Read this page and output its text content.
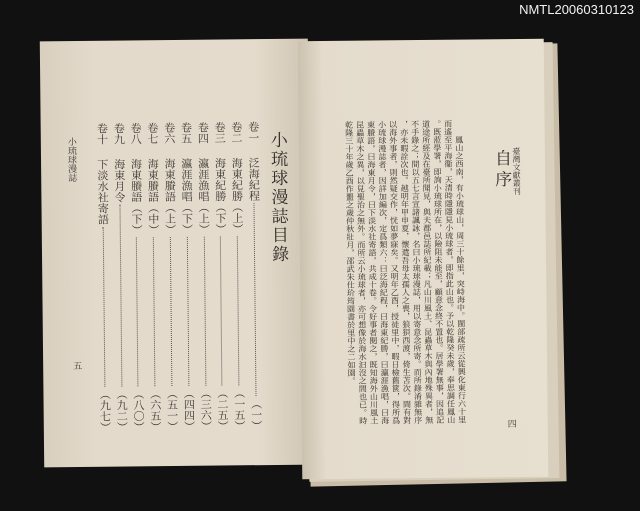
NMTL20060310123
小琉球漫誌
五
小琉球漫誌目錄
卷一
泛海紀程
（一）
卷二
海東紀勝（上）
（一五）
卷三
海東紀勝（下）
（二五）
卷四
瀛涯漁唱（上）
（三六）
卷五
瀛涯漁唱（下）
（四四）
卷六
海東賸語（上）
（五一）
卷七
海東賸語（中）
（六五）
卷八
海東賸語（下）
（八〇）
卷九
海東月令
（九二）
卷十
下淡水社寄語
（九七）
臺灣文獻叢刊
自序
鳳山之西南，有小琉球山，周三十餘里，突峙海中。閩部疏所云從興化東行六十里
而遙至平海衞，天清時隱隱見小琉球者，即指此山也。予以乾隆癸未歲，奉思調任鳳山
。既蒞學署，即詢小琉球所在，以險阻未能至，顧意念終不置也。居學署無事，因追記
道途所經及在臺所聞見，與夫郡邑誌所紀載；凡山川風土、昆蟲草木與內地殊異者，無
不手錄之；間以五七言宣諸諷詠，名曰小琉球漫誌，用以寄意念所寄。而所錄淆雜無序
，亦未暇詮次也。越明年甲申夏，懷遣吾母太孺人之喪，狼狽西渡，倚生苫次。間有對
以海外事者，則然疑交作，恍如夢寐矣。又明年乙酉，授徒里中，暇日檢舊篋，得所爲
小琉球漫誌者，因詳加編次，定爲類六：曰泛海紀程，曰海東紀勝，曰瀛涯漁唱，曰海
東賸語，曰海東月令，曰下淡水社寄語，共成十卷。令好事者閱之，既知海外山川風土
昆蟲草木之異，以見聖治之無外。而所云小琉球者，亦可想像於海水汩沒之間也已。時
乾隆三十年歲乙酉作噩之歲仲秋壯月，邵武朱仕玠筠園書於里中之二如園。
四
